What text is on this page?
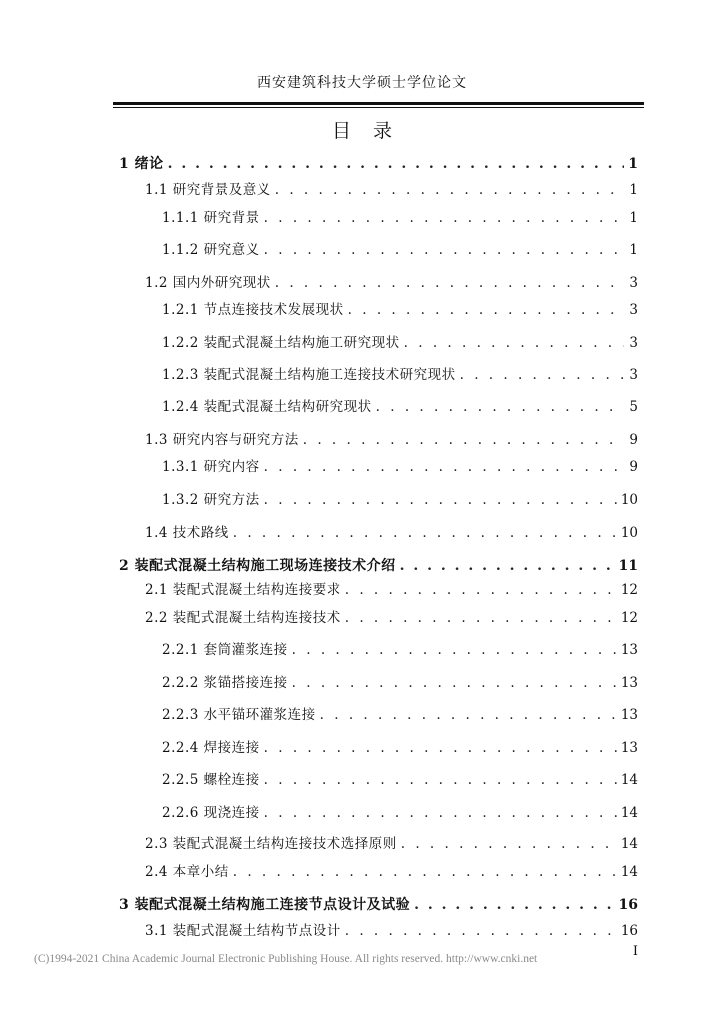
西安建筑科技大学硕士学位论文
目录
1 绪论 . . .	1
1.1 研究背景及意义 . . .	1
1.1.1 研究背景 . . .	1
1.1.2 研究意义 . . .	1
1.2 国内外研究现状 . . .	3
1.2.1 节点连接技术发展现状 . . .	3
1.2.2 装配式混凝土结构施工研究现状 . . .	3
1.2.3 装配式混凝土结构施工连接技术研究现状 . . .	3
1.2.4 装配式混凝土结构研究现状 . . .	5
1.3 研究内容与研究方法 . . .	9
1.3.1 研究内容 . . .	9
1.3.2 研究方法 . . .	10
1.4 技术路线 . . .	10
2 装配式混凝土结构施工现场连接技术介绍 . . .	11
2.1 装配式混凝土结构连接要求 . . .	12
2.2 装配式混凝土结构连接技术 . . .	12
2.2.1 套筒灌浆连接 . . .	13
2.2.2 浆锚搭接连接 . . .	13
2.2.3 水平锚环灌浆连接 . . .	13
2.2.4 焊接连接 . . .	13
2.2.5 螺栓连接 . . .	14
2.2.6 现浇连接 . . .	14
2.3 装配式混凝土结构连接技术选择原则 . . .	14
2.4 本章小结 . . .	14
3 装配式混凝土结构施工连接节点设计及试验 . . .	16
3.1 装配式混凝土结构节点设计 . . .	16
I
(C)1994-2021 China Academic Journal Electronic Publishing House. All rights reserved. http://www.cnki.net
